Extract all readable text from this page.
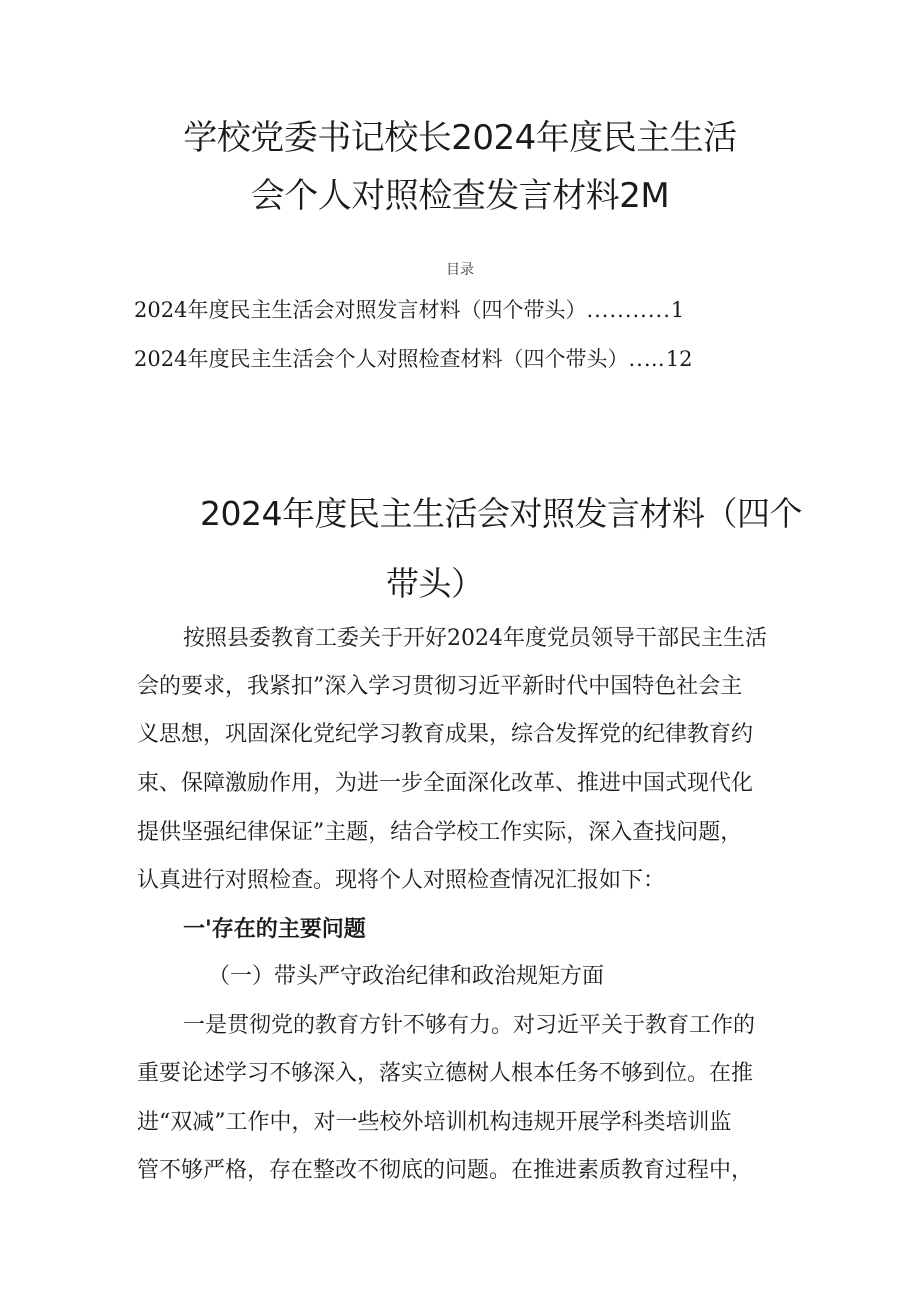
学校党委书记校长2024年度民主生活
会个人对照检查发言材料2M
目录
2024年度民主生活会对照发言材料（四个带头）...........1
2024年度民主生活会个人对照检查材料（四个带头）..…12
2024年度民主生活会对照发言材料（四个
带头）
按照县委教育工委关于开好2024年度党员领导干部民主生活
会的要求，我紧扣”深入学习贯彻习近平新时代中国特色社会主
义思想，巩固深化党纪学习教育成果，综合发挥党的纪律教育约
束、保障激励作用，为进一步全面深化改革、推进中国式现代化
提供坚强纪律保证”主题，结合学校工作实际，深入查找问题，
认真进行对照检查。现将个人对照检查情况汇报如下：
一'存在的主要问题
（一）带头严守政治纪律和政治规矩方面
一是贯彻党的教育方针不够有力。对习近平关于教育工作的
重要论述学习不够深入，落实立德树人根本任务不够到位。在推
进“双减”工作中，对一些校外培训机构违规开展学科类培训监
管不够严格，存在整改不彻底的问题。在推进素质教育过程中，
